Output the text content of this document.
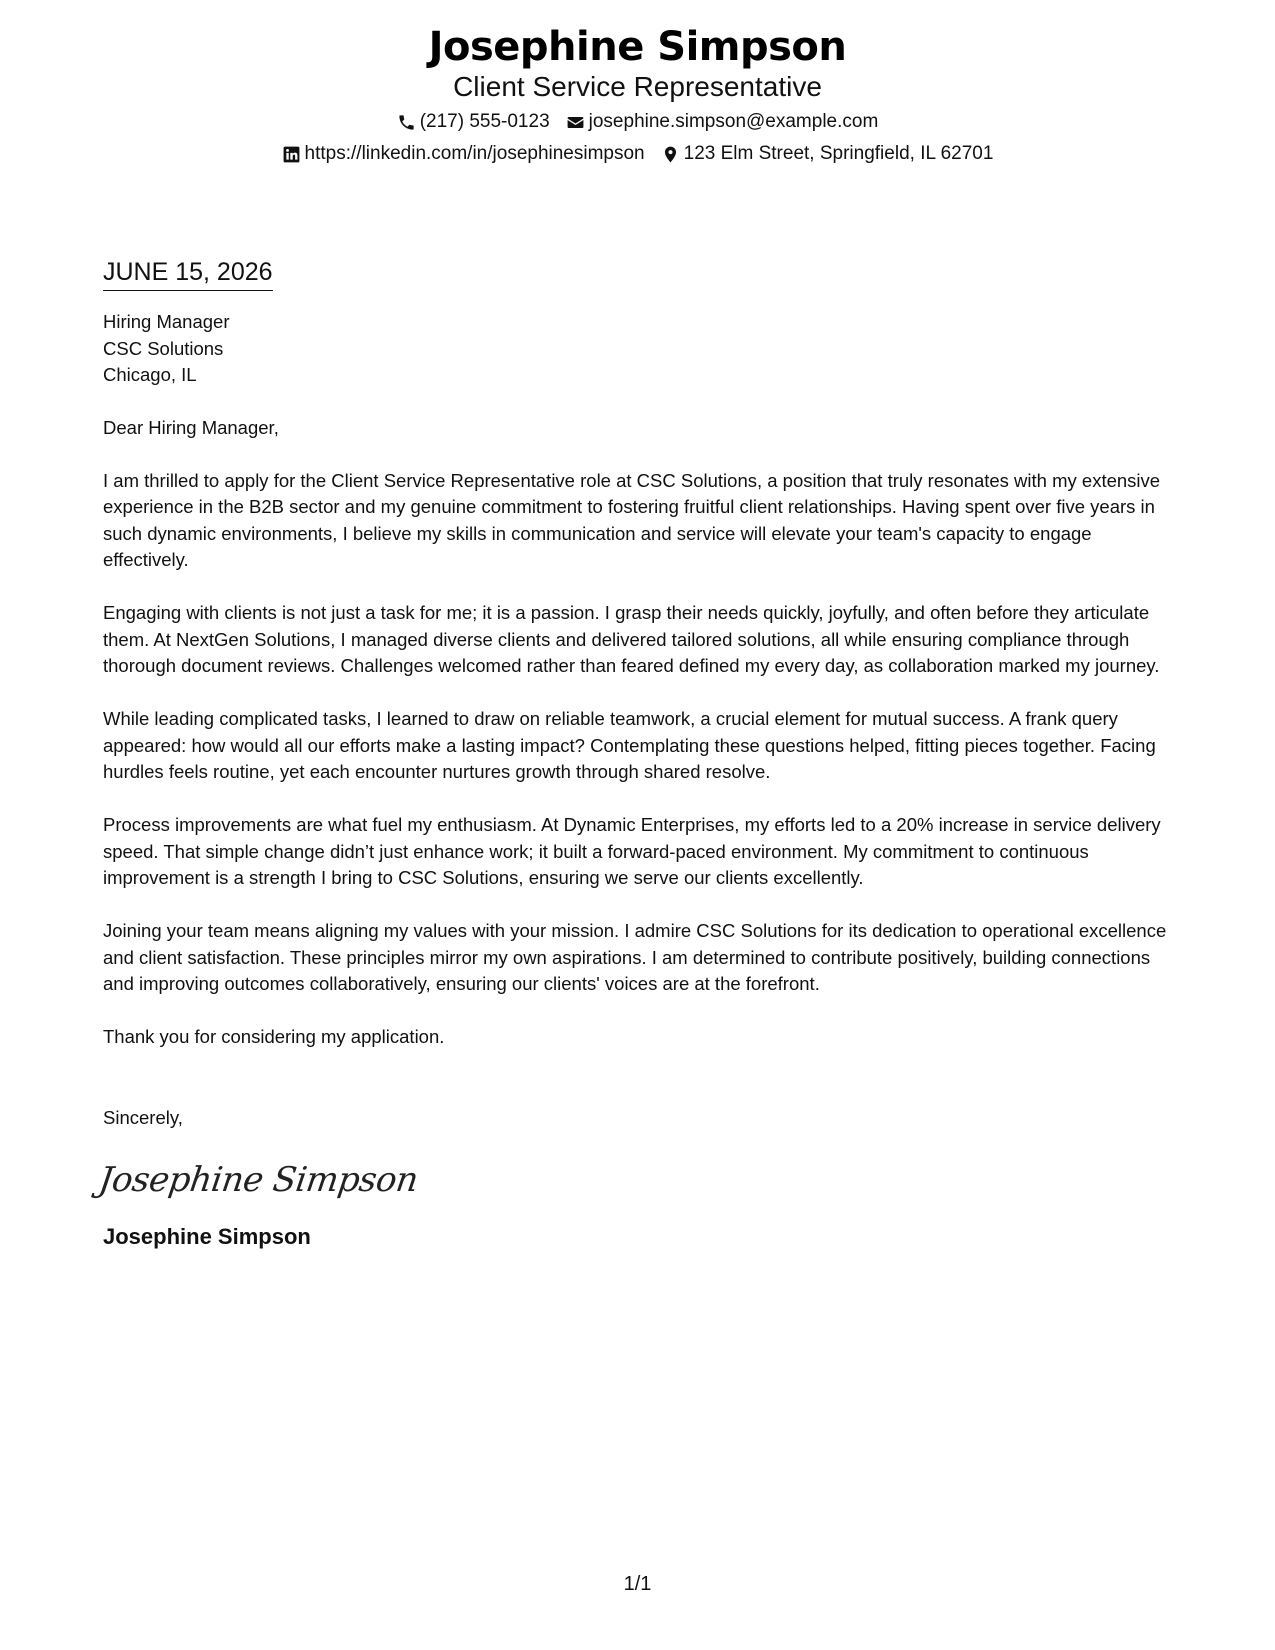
Josephine Simpson
Client Service Representative
(217) 555-0123 josephine.simpson@example.com
https://linkedin.com/in/josephinesimpson 123 Elm Street, Springfield, IL 62701
JUNE 15, 2026
Hiring Manager
CSC Solutions
Chicago, IL
Dear Hiring Manager,
I am thrilled to apply for the Client Service Representative role at CSC Solutions, a position that truly resonates with my extensive experience in the B2B sector and my genuine commitment to fostering fruitful client relationships. Having spent over five years in such dynamic environments, I believe my skills in communication and service will elevate your team's capacity to engage effectively.
Engaging with clients is not just a task for me; it is a passion. I grasp their needs quickly, joyfully, and often before they articulate them. At NextGen Solutions, I managed diverse clients and delivered tailored solutions, all while ensuring compliance through thorough document reviews. Challenges welcomed rather than feared defined my every day, as collaboration marked my journey.
While leading complicated tasks, I learned to draw on reliable teamwork, a crucial element for mutual success. A frank query appeared: how would all our efforts make a lasting impact? Contemplating these questions helped, fitting pieces together. Facing hurdles feels routine, yet each encounter nurtures growth through shared resolve.
Process improvements are what fuel my enthusiasm. At Dynamic Enterprises, my efforts led to a 20% increase in service delivery speed. That simple change didn’t just enhance work; it built a forward-paced environment. My commitment to continuous improvement is a strength I bring to CSC Solutions, ensuring we serve our clients excellently.
Joining your team means aligning my values with your mission. I admire CSC Solutions for its dedication to operational excellence and client satisfaction. These principles mirror my own aspirations. I am determined to contribute positively, building connections and improving outcomes collaboratively, ensuring our clients' voices are at the forefront.
Thank you for considering my application.
Sincerely,
Josephine Simpson
Josephine Simpson
1/1
